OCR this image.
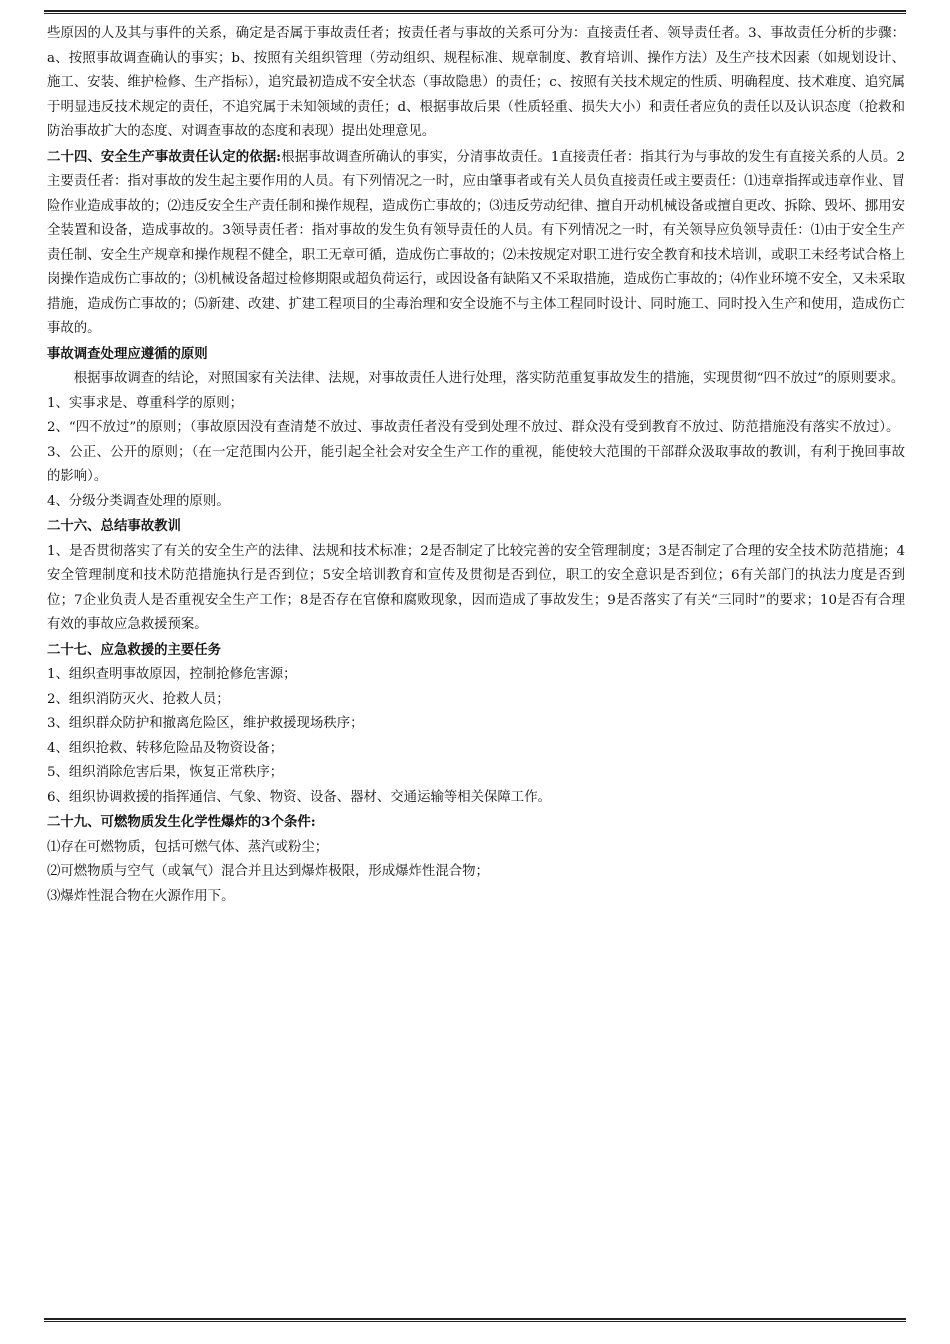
些原因的人及其与事件的关系，确定是否属于事故责任者；按责任者与事故的关系可分为：直接责任者、领导责任者。3、事故责任分析的步骤：a、按照事故调查确认的事实；b、按照有关组织管理（劳动组织、规程标准、规章制度、教育培训、操作方法）及生产技术因素（如规划设计、施工、安装、维护检修、生产指标），追究最初造成不安全状态（事故隐患）的责任；c、按照有关技术规定的性质、明确程度、技术难度、追究属于明显违反技术规定的责任，不追究属于未知领域的责任；d、根据事故后果（性质轻重、损失大小）和责任者应负的责任以及认识态度（抢救和防治事故扩大的态度、对调查事故的态度和表现）提出处理意见。

二十四、安全生产事故责任认定的依据:根据事故调查所确认的事实，分清事故责任。1直接责任者：指其行为与事故的发生有直接关系的人员。2主要责任者：指对事故的发生起主要作用的人员。有下列情况之一时，应由肇事者或有关人员负直接责任或主要责任：⑴违章指挥或违章作业、冒险作业造成事故的；⑵违反安全生产责任制和操作规程，造成伤亡事故的；⑶违反劳动纪律、擅自开动机械设备或擅自更改、拆除、毁坏、挪用安全装置和设备，造成事故的。3领导责任者：指对事故的发生负有领导责任的人员。有下列情况之一时，有关领导应负领导责任：⑴由于安全生产责任制、安全生产规章和操作规程不健全，职工无章可循，造成伤亡事故的；⑵未按规定对职工进行安全教育和技术培训，或职工未经考试合格上岗操作造成伤亡事故的；⑶机械设备超过检修期限或超负荷运行，或因设备有缺陷又不采取措施，造成伤亡事故的；⑷作业环境不安全，又未采取措施，造成伤亡事故的；⑸新建、改建、扩建工程项目的尘毒治理和安全设施不与主体工程同时设计、同时施工、同时投入生产和使用，造成伤亡事故的。

事故调查处理应遵循的原则

根据事故调查的结论，对照国家有关法律、法规，对事故责任人进行处理，落实防范重复事故发生的措施，实现贯彻“四不放过”的原则要求。

1、实事求是、尊重科学的原则；

2、“四不放过”的原则；（事故原因没有查清楚不放过、事故责任者没有受到处理不放过、群众没有受到教育不放过、防范措施没有落实不放过）。

3、公正、公开的原则；（在一定范围内公开，能引起全社会对安全生产工作的重视，能使较大范围的干部群众汲取事故的教训，有利于挽回事故的影响）。

4、分级分类调查处理的原则。

二十六、总结事故教训

1、是否贯彻落实了有关的安全生产的法律、法规和技术标准；2是否制定了比较完善的安全管理制度；3是否制定了合理的安全技术防范措施；4安全管理制度和技术防范措施执行是否到位；5安全培训教育和宣传及贯彻是否到位，职工的安全意识是否到位；6有关部门的执法力度是否到位；7企业负责人是否重视安全生产工作；8是否存在官僚和腐败现象，因而造成了事故发生；9是否落实了有关“三同时”的要求；10是否有合理有效的事故应急救援预案。

二十七、应急救援的主要任务

1、组织查明事故原因，控制抢修危害源；

2、组织消防灭火、抢救人员；

3、组织群众防护和撤离危险区，维护救援现场秩序；

4、组织抢救、转移危险品及物资设备；

5、组织消除危害后果，恢复正常秩序；

6、组织协调救援的指挥通信、气象、物资、设备、器材、交通运输等相关保障工作。

二十九、可燃物质发生化学性爆炸的3个条件:

⑴存在可燃物质，包括可燃气体、蒸汽或粉尘；

⑵可燃物质与空气（或氧气）混合并且达到爆炸极限，形成爆炸性混合物；

⑶爆炸性混合物在火源作用下。
